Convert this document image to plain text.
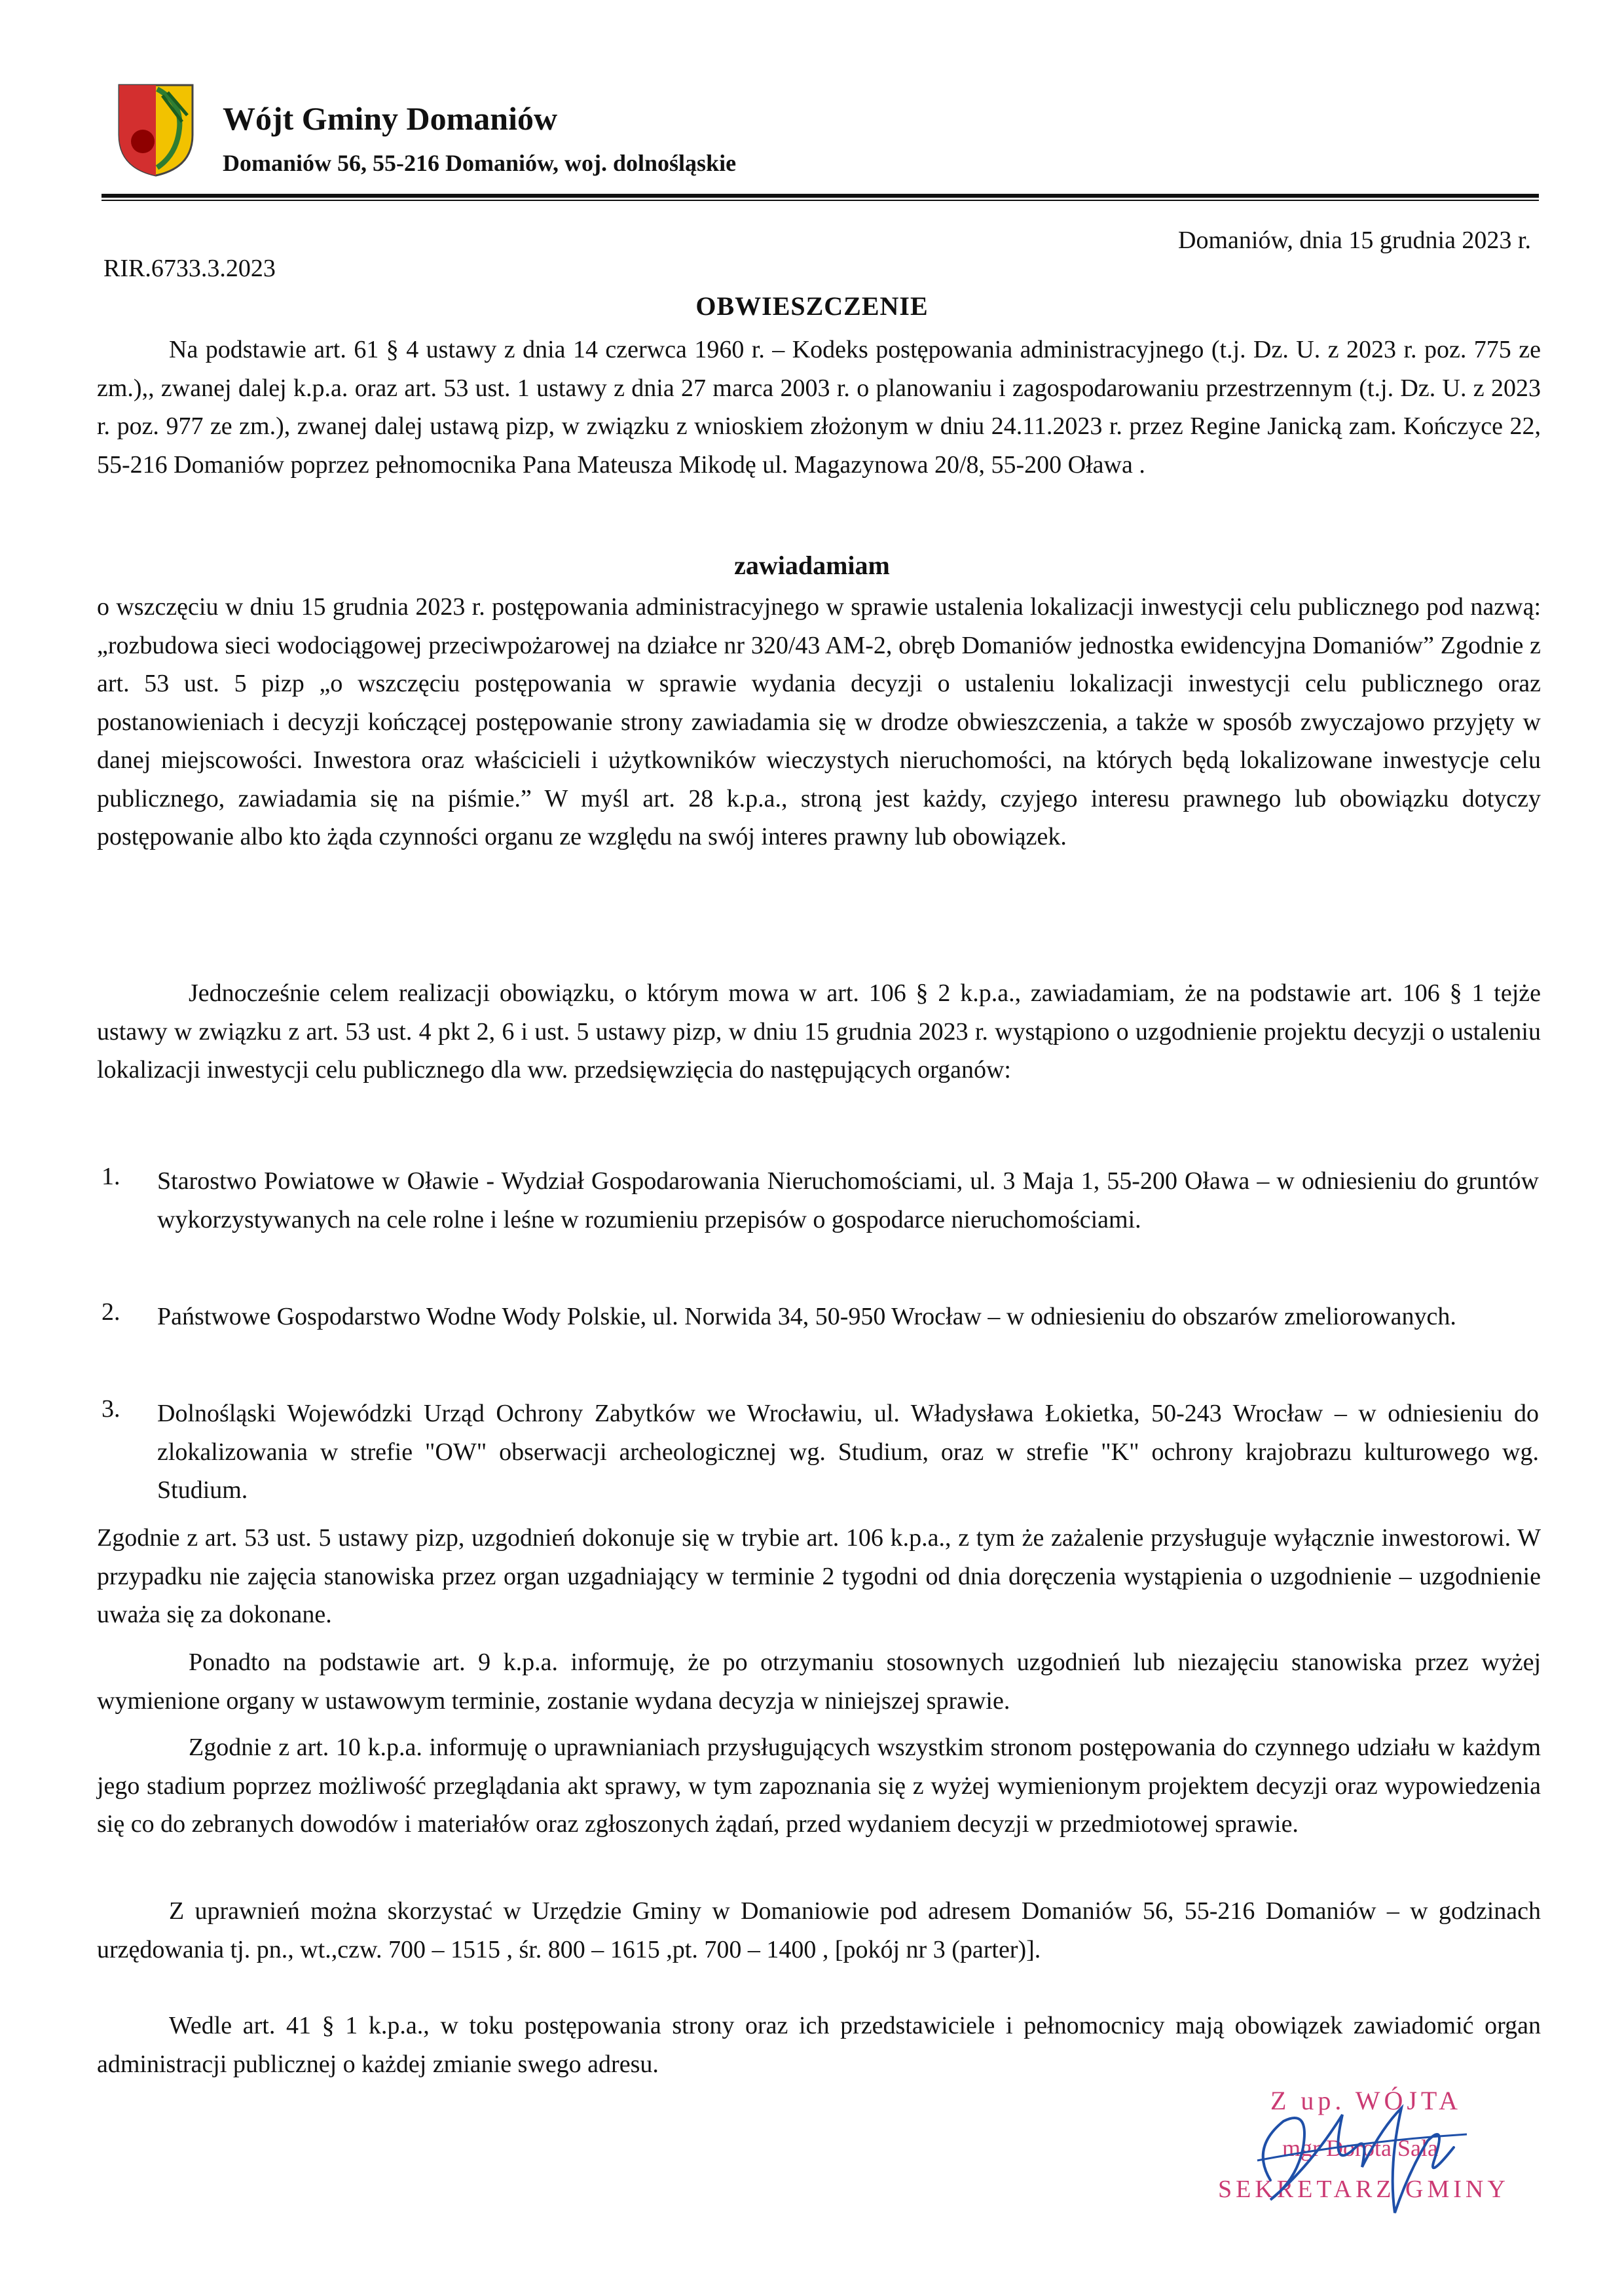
Wójt Gminy Domaniów
Domaniów 56, 55-216 Domaniów, woj. dolnośląskie
Domaniów, dnia 15 grudnia 2023 r.
RIR.6733.3.2023
OBWIESZCZENIE

Na podstawie art. 61 § 4 ustawy z dnia 14 czerwca 1960 r. – Kodeks postępowania administracyjnego (t.j. Dz. U. z 2023 r. poz. 775 ze zm.),, zwanej dalej k.p.a. oraz art. 53 ust. 1 ustawy z dnia 27 marca 2003 r. o planowaniu i zagospodarowaniu przestrzennym (t.j. Dz. U. z 2023 r. poz. 977 ze zm.), zwanej dalej ustawą pizp, w związku z wnioskiem złożonym w dniu 24.11.2023 r. przez Regine Janicką zam. Kończyce 22, 55-216 Domaniów poprzez pełnomocnika Pana Mateusza Mikodę ul. Magazynowa 20/8, 55-200 Oława .

zawiadamiam

o wszczęciu w dniu 15 grudnia 2023 r. postępowania administracyjnego w sprawie ustalenia lokalizacji inwestycji celu publicznego pod nazwą: „rozbudowa sieci wodociągowej przeciwpożarowej na działce nr 320/43 AM-2, obręb Domaniów jednostka ewidencyjna Domaniów” Zgodnie z art. 53 ust. 5 pizp „o wszczęciu postępowania w sprawie wydania decyzji o ustaleniu lokalizacji inwestycji celu publicznego oraz postanowieniach i decyzji kończącej postępowanie strony zawiadamia się w drodze obwieszczenia, a także w sposób zwyczajowo przyjęty w danej miejscowości. Inwestora oraz właścicieli i użytkowników wieczystych nieruchomości, na których będą lokalizowane inwestycje celu publicznego, zawiadamia się na piśmie.” W myśl art. 28 k.p.a., stroną jest każdy, czyjego interesu prawnego lub obowiązku dotyczy postępowanie albo kto żąda czynności organu ze względu na swój interes prawny lub obowiązek.

Jednocześnie celem realizacji obowiązku, o którym mowa w art. 106 § 2 k.p.a., zawiadamiam, że na podstawie art. 106 § 1 tejże ustawy w związku z art. 53 ust. 4 pkt 2, 6 i ust. 5 ustawy pizp, w dniu 15 grudnia 2023 r. wystąpiono o uzgodnienie projektu decyzji o ustaleniu lokalizacji inwestycji celu publicznego dla ww. przedsięwzięcia do następujących organów:

1. Starostwo Powiatowe w Oławie - Wydział Gospodarowania Nieruchomościami, ul. 3 Maja 1, 55-200 Oława – w odniesieniu do gruntów wykorzystywanych na cele rolne i leśne w rozumieniu przepisów o gospodarce nieruchomościami.

2. Państwowe Gospodarstwo Wodne Wody Polskie, ul. Norwida 34, 50-950 Wrocław – w odniesieniu do obszarów zmeliorowanych.

3. Dolnośląski Wojewódzki Urząd Ochrony Zabytków we Wrocławiu, ul. Władysława Łokietka, 50-243 Wrocław – w odniesieniu do zlokalizowania w strefie "OW" obserwacji archeologicznej wg. Studium, oraz w strefie "K" ochrony krajobrazu kulturowego wg. Studium.

Zgodnie z art. 53 ust. 5 ustawy pizp, uzgodnień dokonuje się w trybie art. 106 k.p.a., z tym że zażalenie przysługuje wyłącznie inwestorowi. W przypadku nie zajęcia stanowiska przez organ uzgadniający w terminie 2 tygodni od dnia doręczenia wystąpienia o uzgodnienie – uzgodnienie uważa się za dokonane.

Ponadto na podstawie art. 9 k.p.a. informuję, że po otrzymaniu stosownych uzgodnień lub niezajęciu stanowiska przez wyżej wymienione organy w ustawowym terminie, zostanie wydana decyzja w niniejszej sprawie.

Zgodnie z art. 10 k.p.a. informuję o uprawnianiach przysługujących wszystkim stronom postępowania do czynnego udziału w każdym jego stadium poprzez możliwość przeglądania akt sprawy, w tym zapoznania się z wyżej wymienionym projektem decyzji oraz wypowiedzenia się co do zebranych dowodów i materiałów oraz zgłoszonych żądań, przed wydaniem decyzji w przedmiotowej sprawie.

Z uprawnień można skorzystać w Urzędzie Gminy w Domaniowie pod adresem Domaniów 56, 55-216 Domaniów – w godzinach urzędowania tj. pn., wt.,czw. 700 – 1515 , śr. 800 – 1615 ,pt. 700 – 1400 , [pokój nr 3 (parter)].

Wedle art. 41 § 1 k.p.a., w toku postępowania strony oraz ich przedstawiciele i pełnomocnicy mają obowiązek zawiadomić organ administracji publicznej o każdej zmianie swego adresu.

Z up. WÓJTA
mgr Dorota Sala
SEKRETARZ GMINY
